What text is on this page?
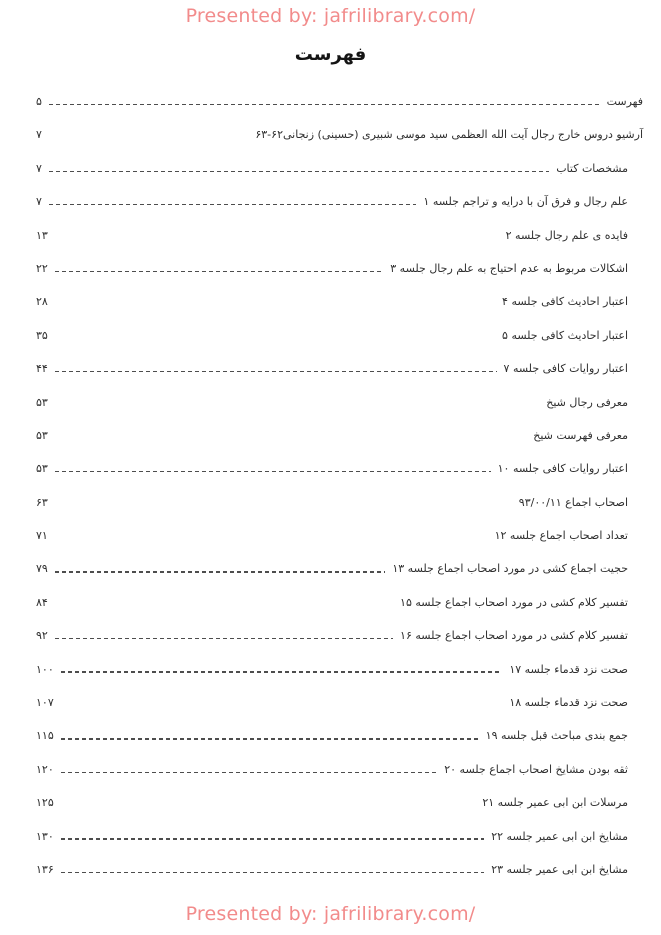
Presented by: jafrilibrary.com/
فهرست
فهرست
۵
آرشیو دروس خارج رجال آیت الله العظمی سید موسی شبیری (حسینی) زنجانی۶۲-۶۳
۷
مشخصات کتاب
۷
علم رجال و فرق آن با درایه و تراجم جلسه ۱
۷
فایده ی علم رجال جلسه ۲
۱۳
اشکالات مربوط به عدم احتیاج به علم رجال جلسه ۳
۲۲
اعتبار احادیث کافی جلسه ۴
۲۸
اعتبار احادیث کافی جلسه ۵
۳۵
اعتبار روایات کافی جلسه ۷
۴۴
معرفی رجال شیخ
۵۳
معرفی فهرست شیخ
۵۳
اعتبار روایات کافی جلسه ۱۰
۵۳
اصحاب اجماع ۹۳/۰۰/۱۱
۶۳
تعداد اصحاب اجماع جلسه ۱۲
۷۱
حجیت اجماع کشی در مورد اصحاب اجماع جلسه ۱۳
۷۹
تفسیر کلام کشی در مورد اصحاب اجماع جلسه ۱۵
۸۴
تفسیر کلام کشی در مورد اصحاب اجماع جلسه ۱۶
۹۲
صحت نزد قدماء جلسه ۱۷
۱۰۰
صحت نزد قدماء جلسه ۱۸
۱۰۷
جمع بندی مباحث قبل جلسه ۱۹
۱۱۵
ثقه بودن مشایخ اصحاب اجماع جلسه ۲۰
۱۲۰
مرسلات ابن ابی عمیر جلسه ۲۱
۱۲۵
مشایخ ابن ابی عمیر جلسه ۲۲
۱۳۰
مشایخ ابن ابی عمیر جلسه ۲۳
۱۳۶
Presented by: jafrilibrary.com/
